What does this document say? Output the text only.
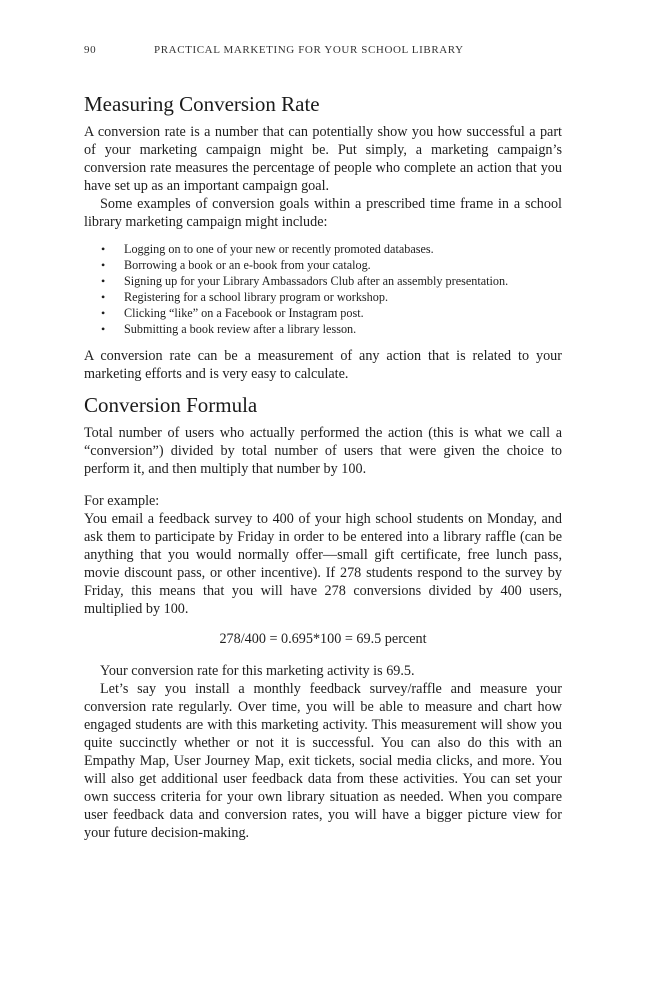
90	PRACTICAL MARKETING FOR YOUR SCHOOL LIBRARY
Measuring Conversion Rate

A conversion rate is a number that can potentially show you how successful a part of your marketing campaign might be. Put simply, a marketing campaign’s conversion rate measures the percentage of people who complete an action that you have set up as an important campaign goal.

Some examples of conversion goals within a prescribed time frame in a school library marketing campaign might include:

• Logging on to one of your new or recently promoted databases.
• Borrowing a book or an e-book from your catalog.
• Signing up for your Library Ambassadors Club after an assembly presentation.
• Registering for a school library program or workshop.
• Clicking “like” on a Facebook or Instagram post.
• Submitting a book review after a library lesson.

A conversion rate can be a measurement of any action that is related to your marketing efforts and is very easy to calculate.

Conversion Formula

Total number of users who actually performed the action (this is what we call a “conversion”) divided by total number of users that were given the choice to perform it, and then multiply that number by 100.

For example:

You email a feedback survey to 400 of your high school students on Monday, and ask them to participate by Friday in order to be entered into a library raffle (can be anything that you would normally offer—small gift certificate, free lunch pass, movie discount pass, or other incentive). If 278 students respond to the survey by Friday, this means that you will have 278 conversions divided by 400 users, multiplied by 100.

278/400 = 0.695*100 = 69.5 percent

Your conversion rate for this marketing activity is 69.5.

Let’s say you install a monthly feedback survey/raffle and measure your conversion rate regularly. Over time, you will be able to measure and chart how engaged students are with this marketing activity. This measurement will show you quite succinctly whether or not it is successful. You can also do this with an Empathy Map, User Journey Map, exit tickets, social media clicks, and more. You will also get additional user feedback data from these activities. You can set your own success criteria for your own library situation as needed. When you compare user feedback data and conversion rates, you will have a bigger picture view for your future decision-making.
